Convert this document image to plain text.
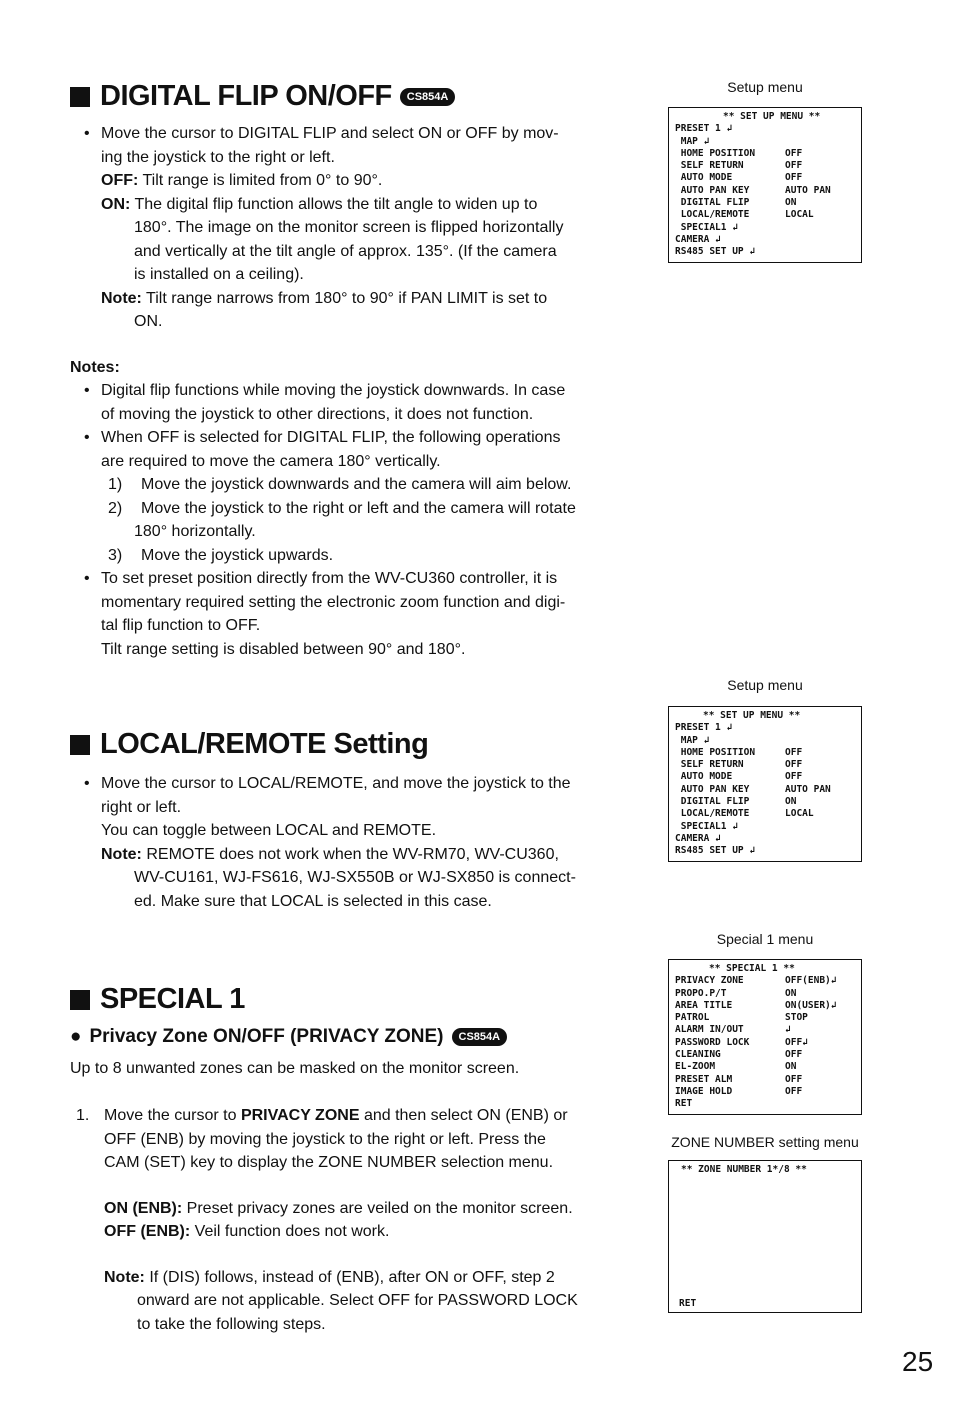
DIGITAL FLIP ON/OFF	CS854A
• Move the cursor to DIGITAL FLIP and select ON or OFF by mov-
ing the joystick to the right or left.
OFF: Tilt range is limited from 0° to 90°.
ON: The digital flip function allows the tilt angle to widen up to
180°. The image on the monitor screen is flipped horizontally
and vertically at the tilt angle of approx. 135°. (If the camera
is installed on a ceiling).
Note: Tilt range narrows from 180° to 90° if PAN LIMIT is set to
ON.
Notes:
• Digital flip functions while moving the joystick downwards. In case
of moving the joystick to other directions, it does not function.
• When OFF is selected for DIGITAL FLIP, the following operations
are required to move the camera 180° vertically.
1)	Move the joystick downwards and the camera will aim below.
2)	Move the joystick to the right or left and the camera will rotate
180° horizontally.
3)	Move the joystick upwards.
• To set preset position directly from the WV-CU360 controller, it is
momentary required setting the electronic zoom function and digi-
tal flip function to OFF.
Tilt range setting is disabled between 90° and 180°.
LOCAL/REMOTE Setting
• Move the cursor to LOCAL/REMOTE, and move the joystick to the
right or left.
You can toggle between LOCAL and REMOTE.
Note: REMOTE does not work when the WV-RM70, WV-CU360,
WV-CU161, WJ-FS616, WJ-SX550B or WJ-SX850 is connect-
ed. Make sure that LOCAL is selected in this case.
SPECIAL 1
● Privacy Zone ON/OFF (PRIVACY ZONE)	CS854A
Up to 8 unwanted zones can be masked on the monitor screen.
1. Move the cursor to PRIVACY ZONE and then select ON (ENB) or
OFF (ENB) by moving the joystick to the right or left. Press the
CAM (SET) key to display the ZONE NUMBER selection menu.
ON (ENB): Preset privacy zones are veiled on the monitor screen.
OFF (ENB): Veil function does not work.
Note: If (DIS) follows, instead of (ENB), after ON or OFF, step 2
onward are not applicable. Select OFF for PASSWORD LOCK
to take the following steps.
Setup menu
** SET UP MENU **
PRESET 1 ↲
MAP ↲
HOME POSITION	OFF
SELF RETURN	OFF
AUTO MODE	OFF
AUTO PAN KEY	AUTO PAN
DIGITAL FLIP	ON
LOCAL/REMOTE	LOCAL
SPECIAL1 ↲
CAMERA ↲
RS485 SET UP ↲
Setup menu
** SET UP MENU **
PRESET 1 ↲
MAP ↲
HOME POSITION	OFF
SELF RETURN	OFF
AUTO MODE	OFF
AUTO PAN KEY	AUTO PAN
DIGITAL FLIP	ON
LOCAL/REMOTE	LOCAL
SPECIAL1 ↲
CAMERA ↲
RS485 SET UP ↲
Special 1 menu
** SPECIAL 1 **
PRIVACY ZONE	OFF(ENB)↲
PROPO.P/T	ON
AREA TITLE	ON(USER)↲
PATROL	STOP
ALARM IN/OUT	↲
PASSWORD LOCK	OFF↲
CLEANING	OFF
EL-ZOOM	ON
PRESET ALM	OFF
IMAGE HOLD	OFF
RET
ZONE NUMBER setting menu
** ZONE NUMBER 1*/8 **
RET
25
